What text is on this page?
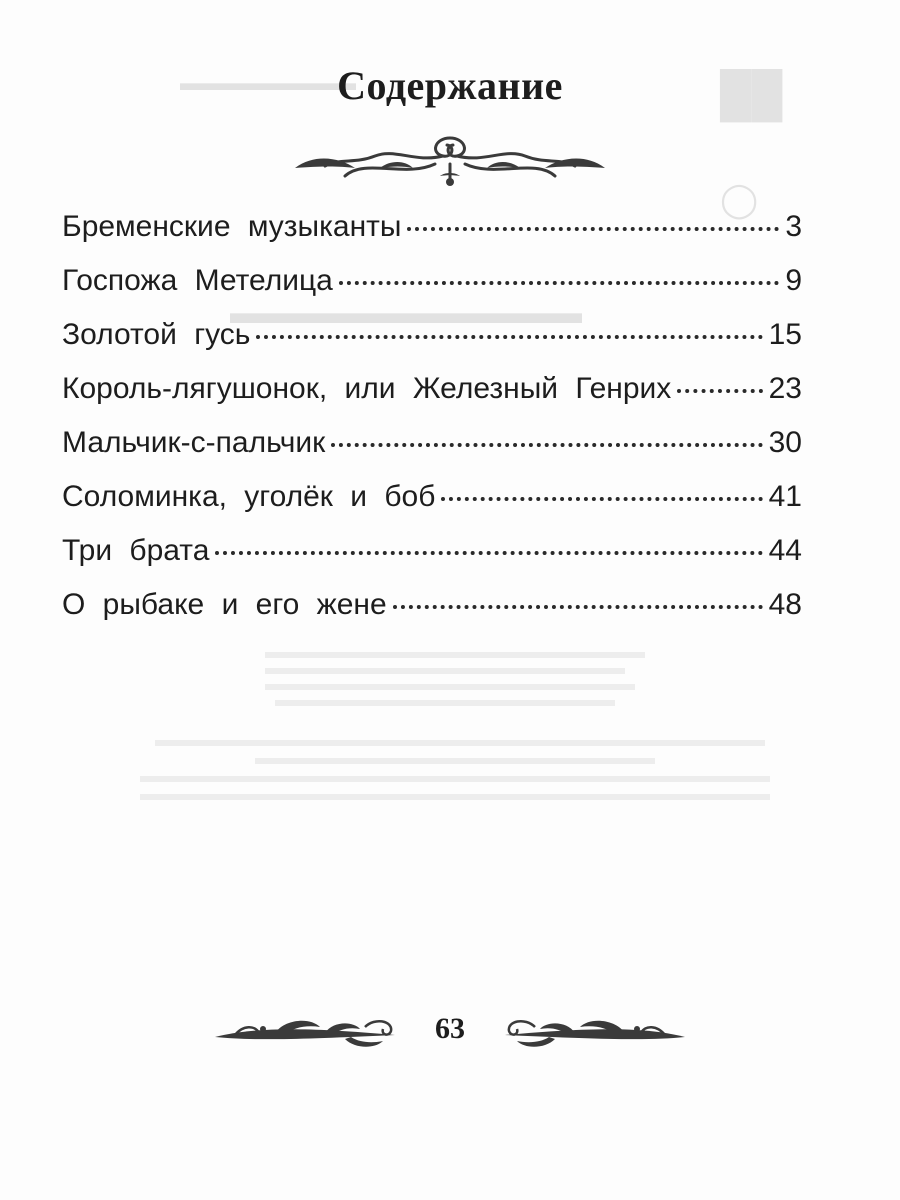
▬▬▬▬▬▬▬▬	██
◯
▬▬▬▬▬▬▬▬▬▬▬
Содержание
Бременские музыканты	3
Госпожа Метелица	9
Золотой гусь	15
Король-лягушонок, или Железный Генрих	23
Мальчик-с-пальчик	30
Соломинка, уголёк и боб	41
Три брата	44
О рыбаке и его жене	48
63
